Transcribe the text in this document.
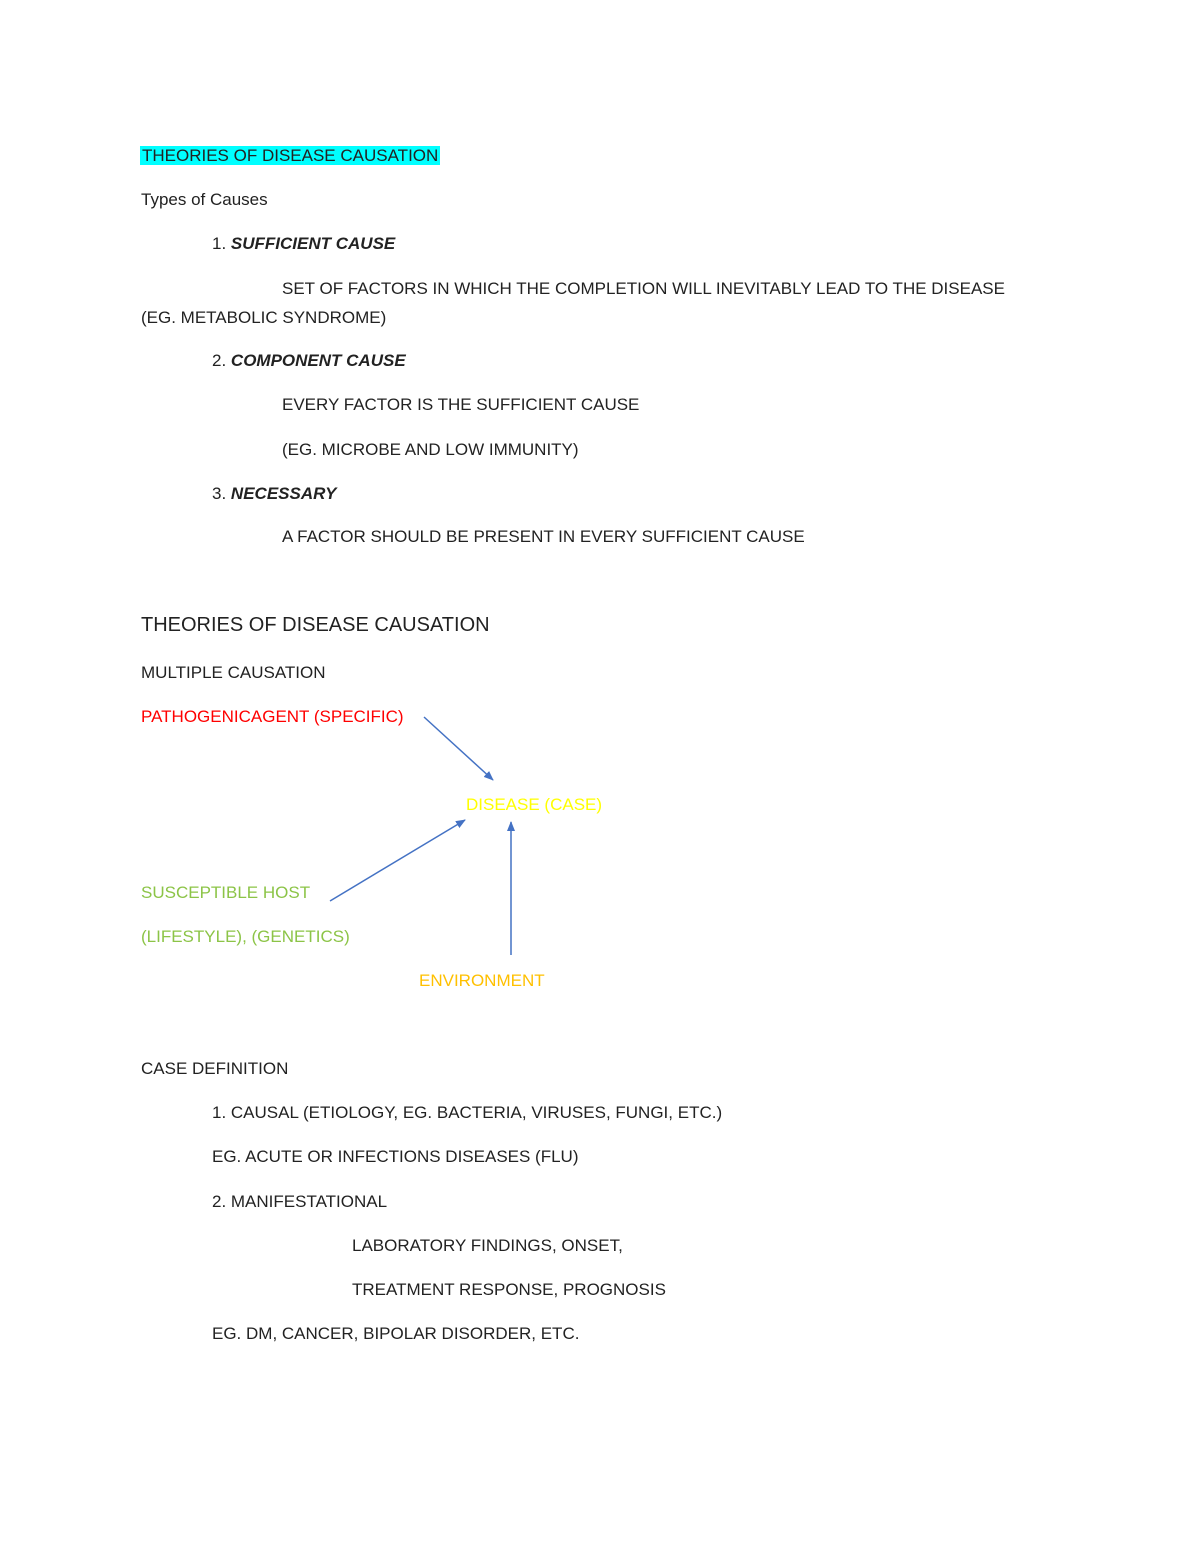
THEORIES OF DISEASE CAUSATION
Types of Causes
1. SUFFICIENT CAUSE
SET OF FACTORS IN WHICH THE COMPLETION WILL INEVITABLY LEAD TO THE DISEASE
(EG. METABOLIC SYNDROME)
2. COMPONENT CAUSE
EVERY FACTOR IS THE SUFFICIENT CAUSE
(EG. MICROBE AND LOW IMMUNITY)
3. NECESSARY
A FACTOR SHOULD BE PRESENT IN EVERY SUFFICIENT CAUSE
THEORIES OF DISEASE CAUSATION
MULTIPLE CAUSATION
PATHOGENICAGENT (SPECIFIC)
DISEASE (CASE)
SUSCEPTIBLE HOST
(LIFESTYLE), (GENETICS)
ENVIRONMENT
CASE DEFINITION
1. CAUSAL (ETIOLOGY, EG. BACTERIA, VIRUSES, FUNGI, ETC.)
EG. ACUTE OR INFECTIONS DISEASES (FLU)
2. MANIFESTATIONAL
LABORATORY FINDINGS, ONSET,
TREATMENT RESPONSE, PROGNOSIS
EG. DM, CANCER, BIPOLAR DISORDER, ETC.
